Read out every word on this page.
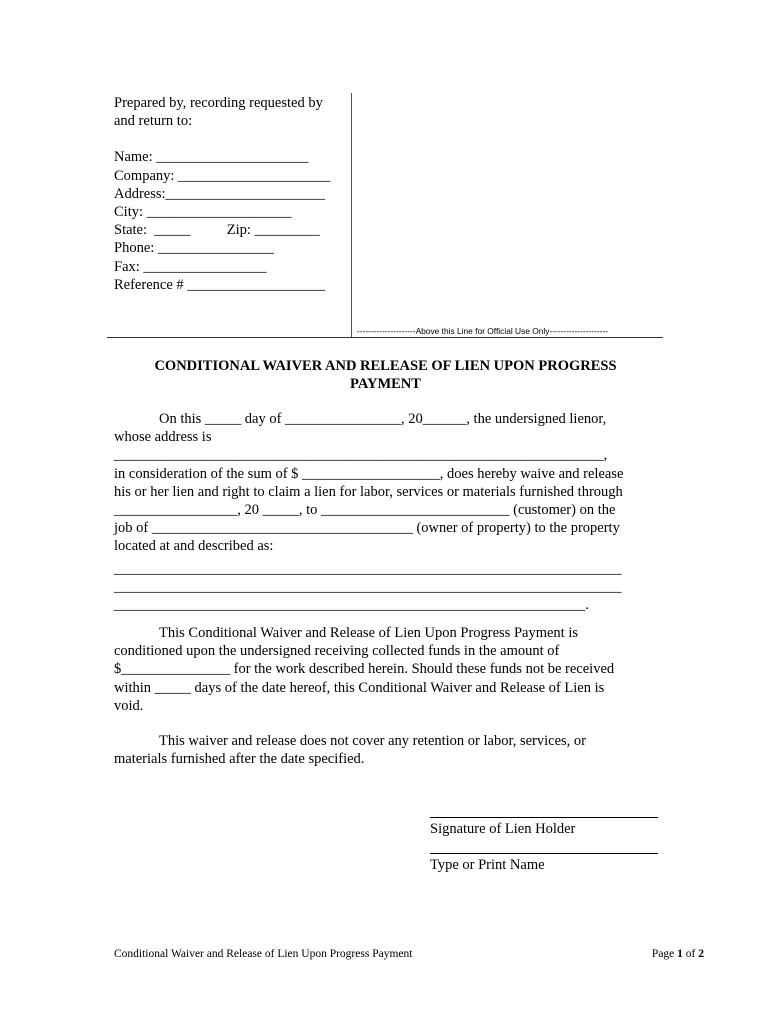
Prepared by, recording requested by
and return to:
Name: _____________________
Company: _____________________
Address:______________________
City: ____________________
State:  _____          Zip: _________
Phone: ________________
Fax: _________________
Reference # ___________________
---------------------Above this Line for Official Use Only---------------------
CONDITIONAL WAIVER AND RELEASE OF LIEN UPON PROGRESS
PAYMENT

On this _____ day of ________________, 20______, the undersigned lienor,

whose address is

____________________________________________________________________,

in consideration of the sum of $ ___________________, does hereby waive and release

his or her lien and right to claim a lien for labor, services or materials furnished through

_________________, 20 _____, to __________________________ (customer) on the

job of ____________________________________ (owner of property) to the property

located at and described as:

______________________________________________________________________

______________________________________________________________________

_________________________________________________________________.

This Conditional Waiver and Release of Lien Upon Progress Payment is

conditioned upon the undersigned receiving collected funds in the amount of

$_______________ for the work described herein. Should these funds not be received

within _____ days of the date hereof, this Conditional Waiver and Release of Lien is

void.

This waiver and release does not cover any retention or labor, services, or

materials furnished after the date specified.

Signature of Lien Holder
Type or Print Name
Conditional Waiver and Release of Lien Upon Progress Payment	Page 1 of 2
